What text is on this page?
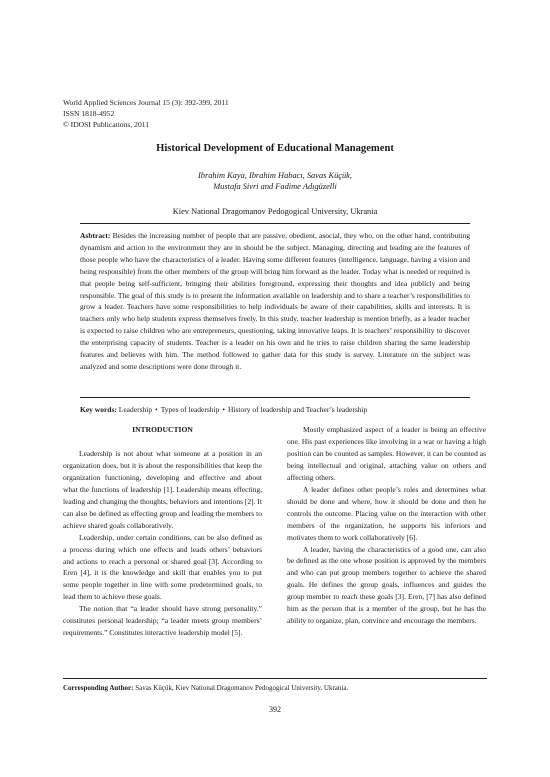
World Applied Sciences Journal 15 (3): 392-399, 2011
ISSN 1818-4952
© IDOSI Publications, 2011
Historical Development of Educational Management
Ibrahim Kaya, Ibrahim Habacı, Savas Küçük,
Mustafa Sivri and Fadime Adıgüzelli
Kiev National Dragomanov Pedogogical University, Ukrania
Asbtract: Besides the increasing number of people that are passive, obedient, asocial, they who, on the other hand, contributing dynamism and action to the environment they are in should be the subject. Managing, directing and leading are the features of those people who have the characteristics of a leader. Having some different features (intelligence, language, having a vision and being responsible) from the other members of the group will bring him forward as the leader. Today what is needed or required is that people being self-sufficient, bringing their abilities foreground, expressing their thoughts and idea publicly and being responsible. The goal of this study is to present the information available on leadership and to share a teacher’s responsibilities to grow a leader. Teachers have some responsibilities to help individuals be aware of their capabilities, skills and interests. It is teachers only who help students express themselves freely. In this study, teacher leadership is mention briefly, as a leader teacher is expected to raise children who are entrepreneurs, questioning, taking innovative leaps. It is teachers’ responsibility to discover the enterprising capacity of students. Teacher is a leader on his own and he tries to raise children sharing the same leadership features and believes with him. The method followed to gather data for this study is survey. Literature on the subject was analyzed and some descriptions were done through it.
Key words: Leadership • Types of leadership • History of leadership and Teacher’s leadership
INTRODUCTION

Leadership is not about what someone at a position in an organization does, but it is about the responsibilities that keep the organization functioning, developing and effective and about what the functions of leadership [1]. Leadership means effecting, leading and changing the thoughts, behaviors and intentions [2]. It can also be defined as effecting group and leading the members to achieve shared goals collaboratively.

Leadership, under certain conditions, can be also defined as a process during which one effects and leads others’ behaviors and actions to reach a personal or shared goal [3]. According to Eren [4], it is the knowledge and skill that enables you to put some people together in line with some predetermined goals, to lead them to achieve these goals.

The notion that “a leader should have strong personality.” constitutes personal leadership; “a leader meets group members’ requirements.” Constitutes interactive leadership model [5].

Mostly emphasized aspect of a leader is being an effective one. His past experiences like involving in a war or having a high position can be counted as samples. However, it can be counted as being intellectual and original, attaching value on others and affecting others.

A leader defines other people’s roles and determines what should be done and where, how it should be done and then he controls the outcome. Placing value on the interaction with other members of the organization, he supports his inferiors and motivates them to work collaboratively [6].

A leader, having the characteristics of a good one, can also be defined as the one whose position is approved by the members and who can put group members together to achieve the shared goals. He defines the group goals, influences and guides the group member to reach these goals [3]. Eren, [7] has also defined him as the person that is a member of the group, but he has the ability to organize, plan, convince and encourage the members.

Corresponding Author: Savas Küçük, Kiev National Dragomanov Pedogogical University, Ukrania.
392
